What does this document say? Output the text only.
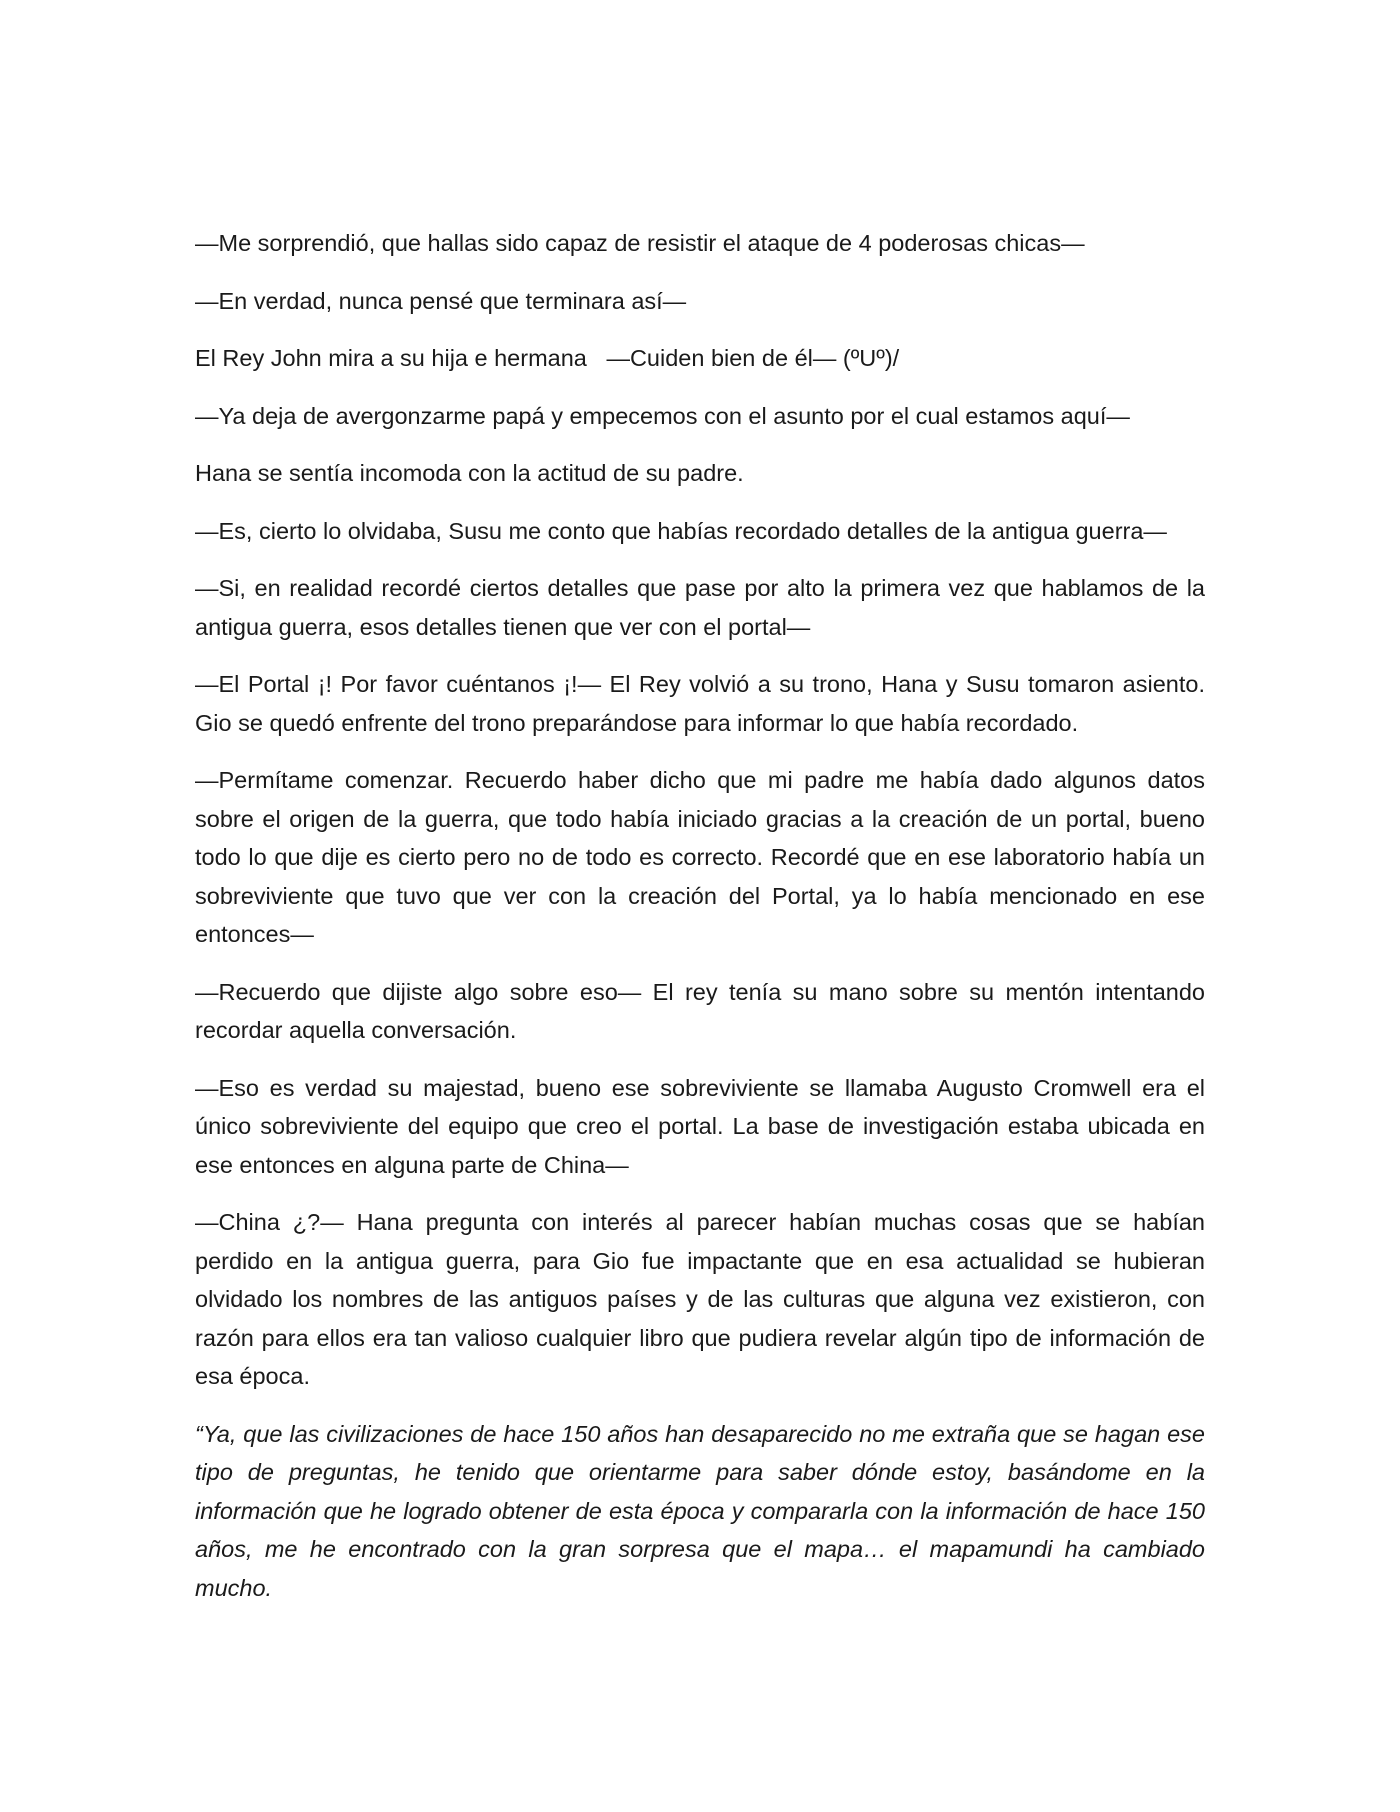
—Me sorprendió, que hallas sido capaz de resistir el ataque de 4 poderosas chicas—

—En verdad, nunca pensé que terminara así—

El Rey John mira a su hija e hermana   —Cuiden bien de él— (ºUº)/

—Ya deja de avergonzarme papá y empecemos con el asunto por el cual estamos aquí—

Hana se sentía incomoda con la actitud de su padre.

—Es, cierto lo olvidaba, Susu me conto que habías recordado detalles de la antigua guerra—

—Si, en realidad recordé ciertos detalles que pase por alto la primera vez que hablamos de la antigua guerra, esos detalles tienen que ver con el portal—

—El Portal ¡! Por favor cuéntanos ¡!— El Rey volvió a su trono, Hana y Susu tomaron asiento. Gio se quedó enfrente del trono preparándose para informar lo que había recordado.

—Permítame comenzar. Recuerdo haber dicho que mi padre me había dado algunos datos sobre el origen de la guerra, que todo había iniciado gracias a la creación de un portal, bueno todo lo que dije es cierto pero no de todo es correcto. Recordé que en ese laboratorio había un sobreviviente que tuvo que ver con la creación del Portal, ya lo había mencionado en ese entonces—

—Recuerdo que dijiste algo sobre eso— El rey tenía su mano sobre su mentón intentando recordar aquella conversación.

—Eso es verdad su majestad, bueno ese sobreviviente se llamaba Augusto Cromwell era el único sobreviviente del equipo que creo el portal. La base de investigación estaba ubicada en ese entonces en alguna parte de China—

—China ¿?— Hana pregunta con interés al parecer habían muchas cosas que se habían perdido en la antigua guerra, para Gio fue impactante que en esa actualidad se hubieran olvidado los nombres de las antiguos países y de las culturas que alguna vez existieron, con razón para ellos era tan valioso cualquier libro que pudiera revelar algún tipo de información de esa época.

“Ya, que las civilizaciones de hace 150 años han desaparecido no me extraña que se hagan ese tipo de preguntas, he tenido que orientarme para saber dónde estoy, basándome en la información que he logrado obtener de esta época y compararla con la información de hace 150 años, me he encontrado con la gran sorpresa que el mapa… el mapamundi ha cambiado mucho.
